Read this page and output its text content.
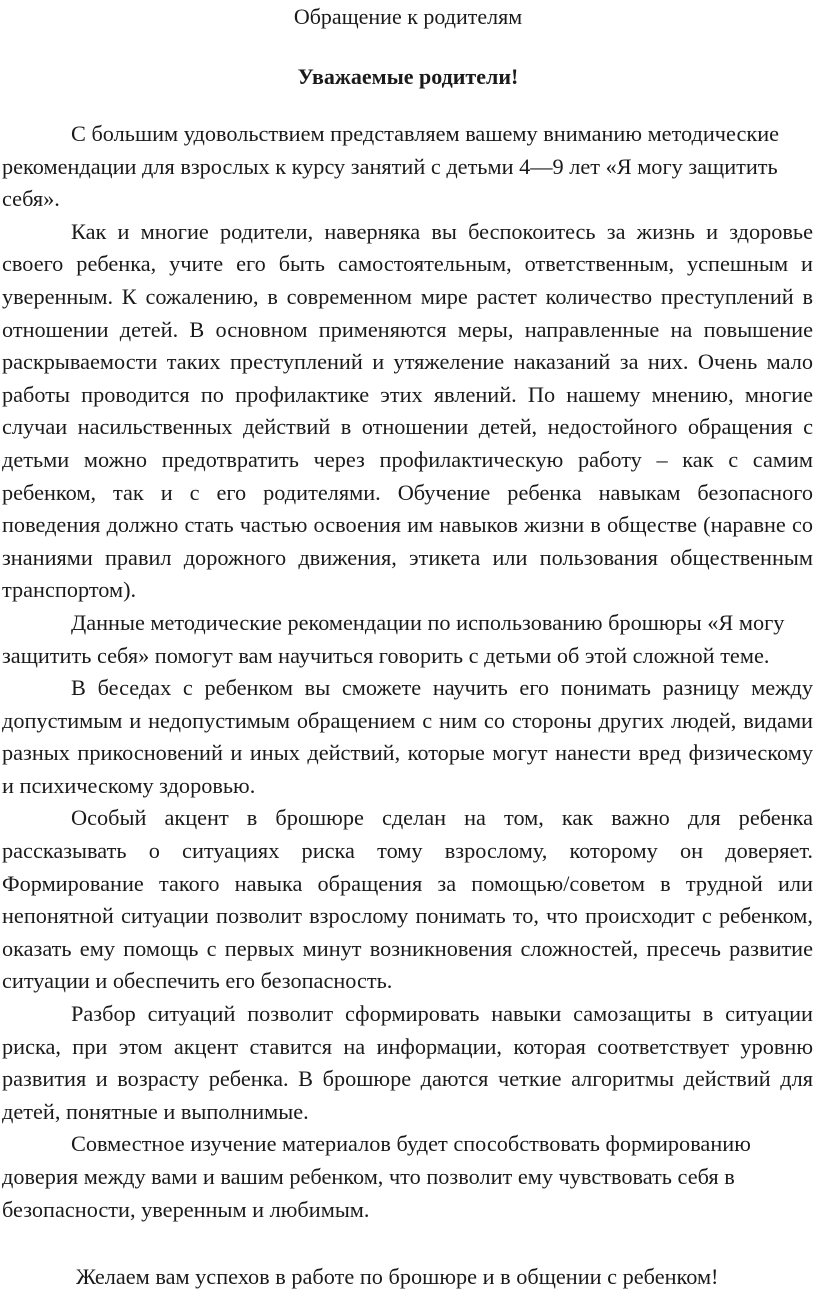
Обращение к родителям
Уважаемые родители!

С большим удовольствием представляем вашему вниманию методические рекомендации для взрослых к курсу занятий с детьми 4—9 лет «Я могу защитить себя».

Как и многие родители, наверняка вы беспокоитесь за жизнь и здоровье своего ребенка, учите его быть самостоятельным, ответственным, успешным и уверенным. К сожалению, в современном мире растет количество преступлений в отношении детей. В основном применяются меры, направленные на повышение раскрываемости таких преступлений и утяжеление наказаний за них. Очень мало работы проводится по профилактике этих явлений. По нашему мнению, многие случаи насильственных действий в отношении детей, недостойного обращения с детьми можно предотвратить через профилактическую работу – как с самим ребенком, так и с его родителями. Обучение ребенка навыкам безопасного поведения должно стать частью освоения им навыков жизни в обществе (наравне со знаниями правил дорожного движения, этикета или пользования общественным транспортом).

Данные методические рекомендации по использованию брошюры «Я могу защитить себя» помогут вам научиться говорить с детьми об этой сложной теме.

В беседах с ребенком вы сможете научить его понимать разницу между допустимым и недопустимым обращением с ним со стороны других людей, видами разных прикосновений и иных действий, которые могут нанести вред физическому и психическому здоровью.

Особый акцент в брошюре сделан на том, как важно для ребенка рассказывать о ситуациях риска тому взрослому, которому он доверяет. Формирование такого навыка обращения за помощью/советом в трудной или непонятной ситуации позволит взрослому понимать то, что происходит с ребенком, оказать ему помощь с первых минут возникновения сложностей, пресечь развитие ситуации и обеспечить его безопасность.

Разбор ситуаций позволит сформировать навыки самозащиты в ситуации риска, при этом акцент ставится на информации, которая соответствует уровню развития и возрасту ребенка. В брошюре даются четкие алгоритмы действий для детей, понятные и выполнимые.

Совместное изучение материалов будет способствовать формированию доверия между вами и вашим ребенком, что позволит ему чувствовать себя в безопасности, уверенным и любимым.

Желаем вам успехов в работе по брошюре и в общении с ребенком!
